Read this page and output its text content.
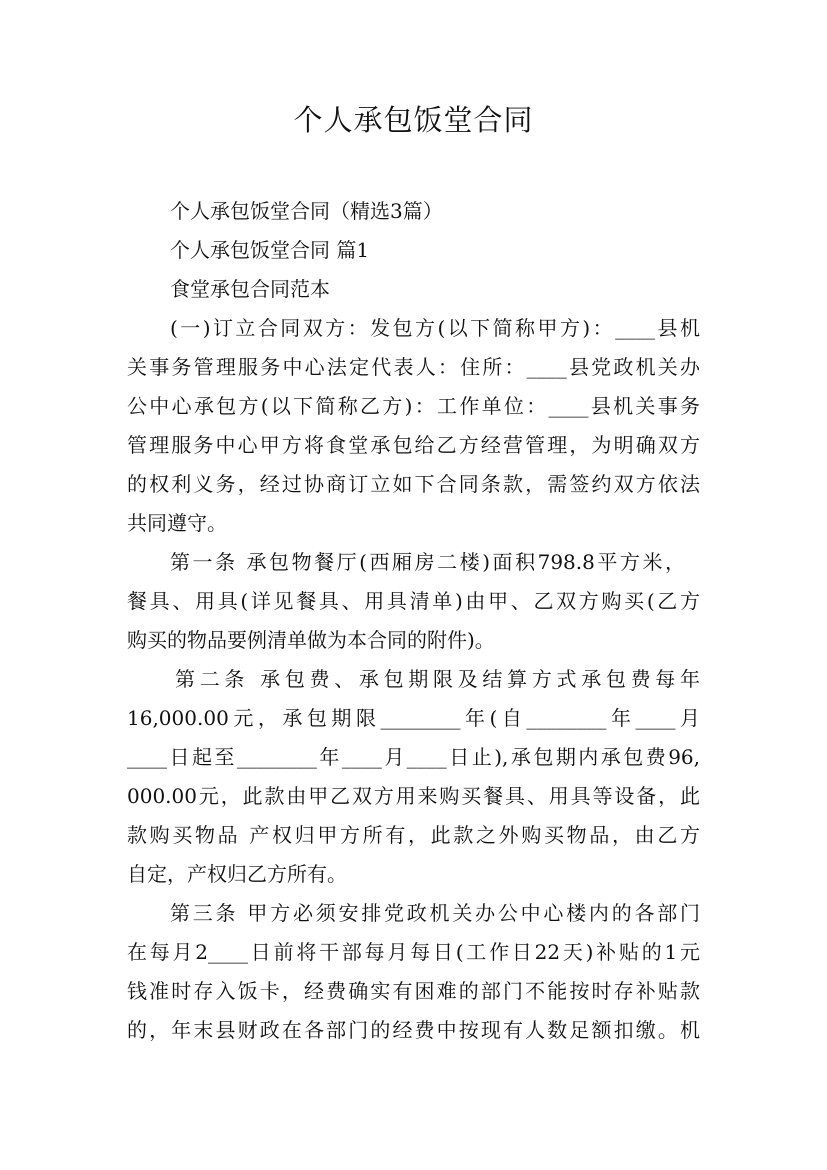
个人承包饭堂合同

个人承包饭堂合同（精选3篇）

个人承包饭堂合同 篇1

食堂承包合同范本

(一)订立合同双方：发包方(以下简称甲方)：____县机

关事务管理服务中心法定代表人：住所：____县党政机关办

公中心承包方(以下简称乙方)：工作单位：____县机关事务

管理服务中心甲方将食堂承包给乙方经营管理，为明确双方

的权利义务，经过协商订立如下合同条款，需签约双方依法

共同遵守。

第一条 承包物餐厅(西厢房二楼)面积798.8平方米，

餐具、用具(详见餐具、用具清单)由甲、乙双方购买(乙方

购买的物品要例清单做为本合同的附件)。

第二条 承包费、承包期限及结算方式承包费每年

16,000.00元，承包期限________年(自________年____月

____日起至________年____月____日止),承包期内承包费96,

000.00元，此款由甲乙双方用来购买餐具、用具等设备，此

款购买物品 产权归甲方所有，此款之外购买物品，由乙方

自定，产权归乙方所有。

第三条 甲方必须安排党政机关办公中心楼内的各部门

在每月2____日前将干部每月每日(工作日22天)补贴的1元

钱准时存入饭卡，经费确实有困难的部门不能按时存补贴款

的，年末县财政在各部门的经费中按现有人数足额扣缴。机
